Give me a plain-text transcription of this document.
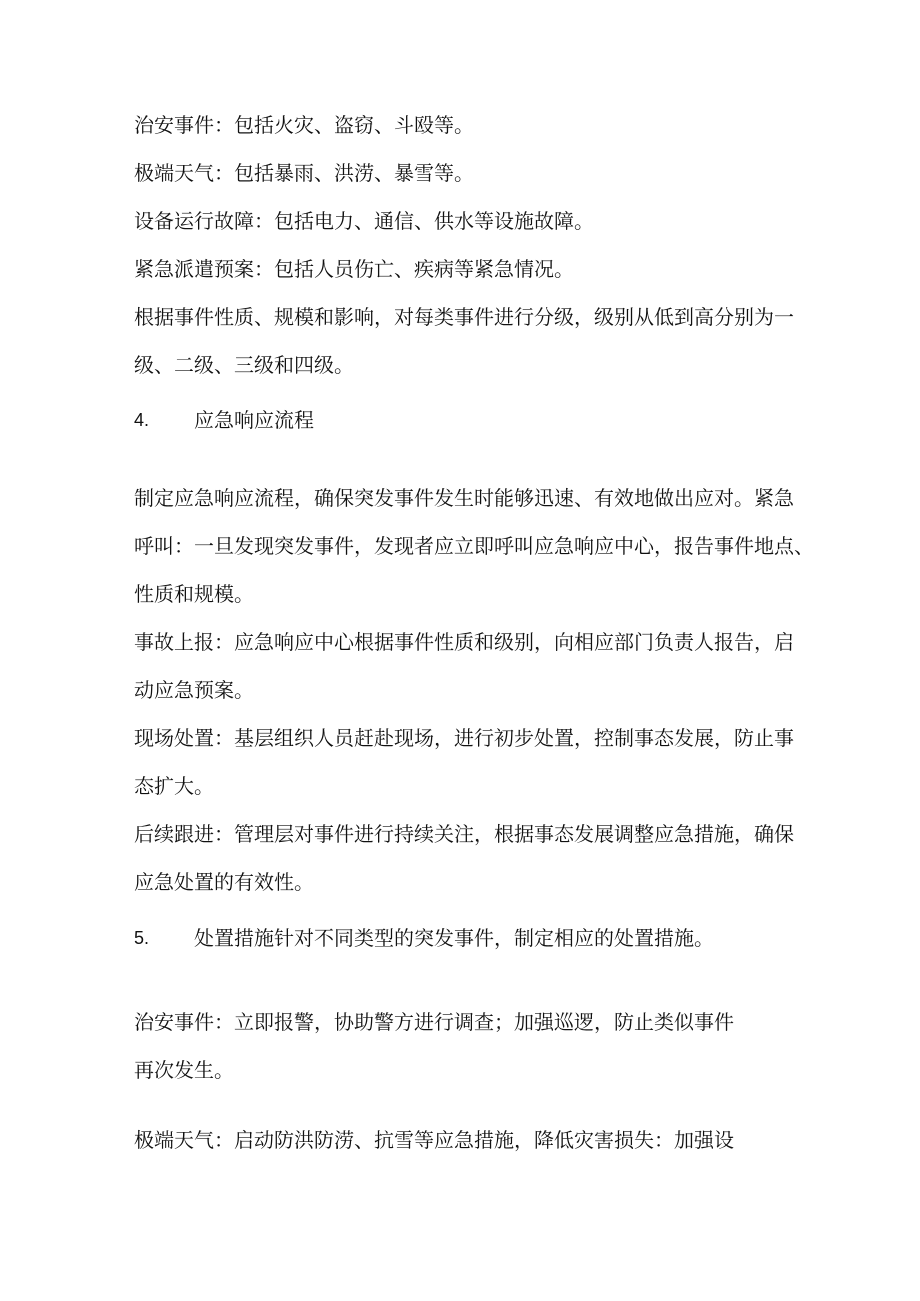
治安事件：包括火灾、盗窃、斗殴等。

极端天气：包括暴雨、洪涝、暴雪等。

设备运行故障：包括电力、通信、供水等设施故障。

紧急派遣预案：包括人员伤亡、疾病等紧急情况。

根据事件性质、规模和影响，对每类事件进行分级，级别从低到高分别为一

级、二级、三级和四级。

4. 应急响应流程

制定应急响应流程，确保突发事件发生时能够迅速、有效地做出应对。紧急

呼叫：一旦发现突发事件，发现者应立即呼叫应急响应中心，报告事件地点、

性质和规模。

事故上报：应急响应中心根据事件性质和级别，向相应部门负责人报告，启

动应急预案。

现场处置：基层组织人员赶赴现场，进行初步处置，控制事态发展，防止事

态扩大。

后续跟进：管理层对事件进行持续关注，根据事态发展调整应急措施，确保

应急处置的有效性。

5. 处置措施针对不同类型的突发事件，制定相应的处置措施。

治安事件：立即报警，协助警方进行调查；加强巡逻，防止类似事件

再次发生。

极端天气：启动防洪防涝、抗雪等应急措施，降低灾害损失：加强设
